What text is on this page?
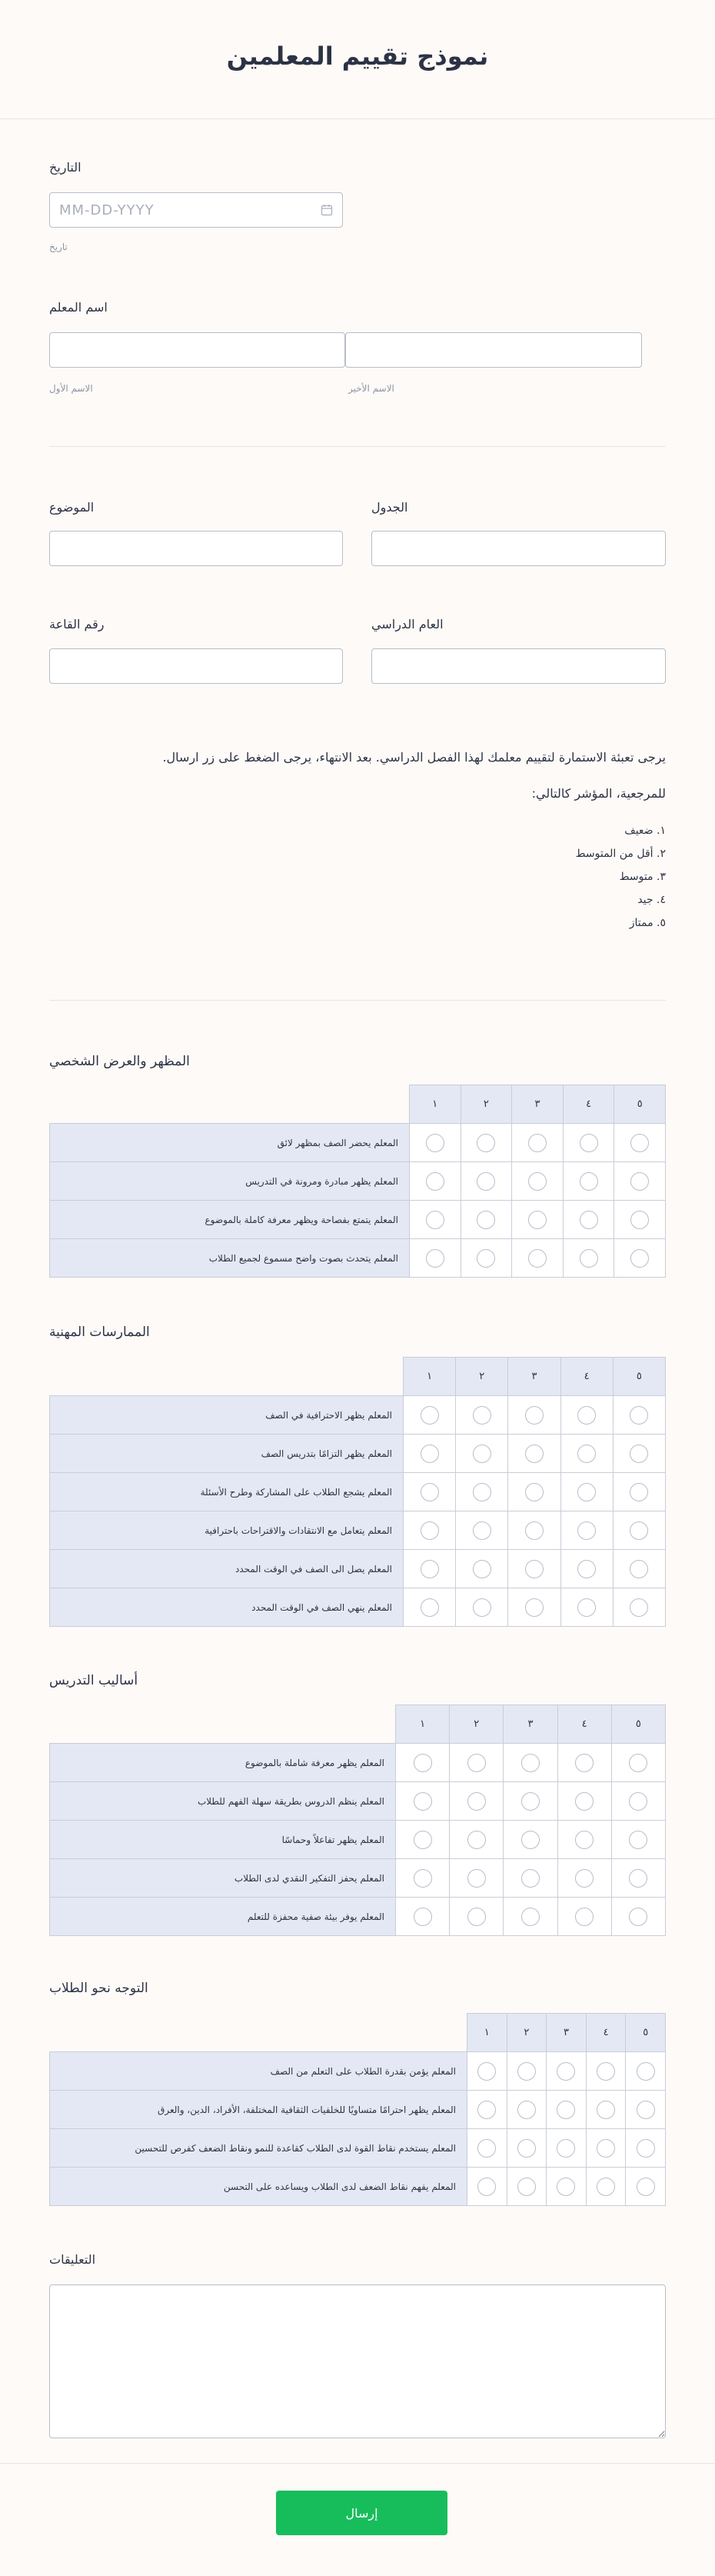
نموذج تقييم المعلمين
التاريخ
MM-DD-YYYY
تاريخ
اسم المعلم
الاسم الأول	الاسم الأخير
الموضوع	الجدول
رقم القاعة	العام الدراسي
يرجى تعبئة الاستمارة لتقييم معلمك لهذا الفصل الدراسي. بعد الانتهاء، يرجى الضغط على زر ارسال.
للمرجعية، المؤشر كالتالي:
١. ضعيف
٢. أقل من المتوسط
٣. متوسط
٤. جيد
٥. ممتاز
المظهر والعرض الشخصي
	١	٢	٣	٤	٥
المعلم يحضر الصف بمظهر لائق					
المعلم يظهر مبادرة ومرونة في التدريس					
المعلم يتمتع بفصاحة ويظهر معرفة كاملة بالموضوع					
المعلم يتحدث بصوت واضح مسموع لجميع الطلاب					
الممارسات المهنية
	١	٢	٣	٤	٥
المعلم يظهر الاحترافية في الصف					
المعلم يظهر التزامًا بتدريس الصف					
المعلم يشجع الطلاب على المشاركة وطرح الأسئلة					
المعلم يتعامل مع الانتقادات والاقتراحات باحترافية					
المعلم يصل الى الصف في الوقت المحدد					
المعلم ينهي الصف في الوقت المحدد					
أساليب التدريس
	١	٢	٣	٤	٥
المعلم يظهر معرفة شاملة بالموضوع					
المعلم ينظم الدروس بطريقة سهلة الفهم للطلاب					
المعلم يظهر تفاعلاً وحماسًا					
المعلم يحفز التفكير النقدي لدى الطلاب					
المعلم يوفر بيئة صفية محفزة للتعلم					
التوجه نحو الطلاب
	١	٢	٣	٤	٥
المعلم يؤمن بقدرة الطلاب على التعلم من الصف					
المعلم يظهر احترامًا متساويًا للخلفيات الثقافية المختلفة، الأفراد، الدين، والعرق					
المعلم يستخدم نقاط القوة لدى الطلاب كقاعدة للنمو ونقاط الضعف كفرص للتحسين					
المعلم يفهم نقاط الضعف لدى الطلاب ويساعده على التحسن					
التعليقات
إرسال
